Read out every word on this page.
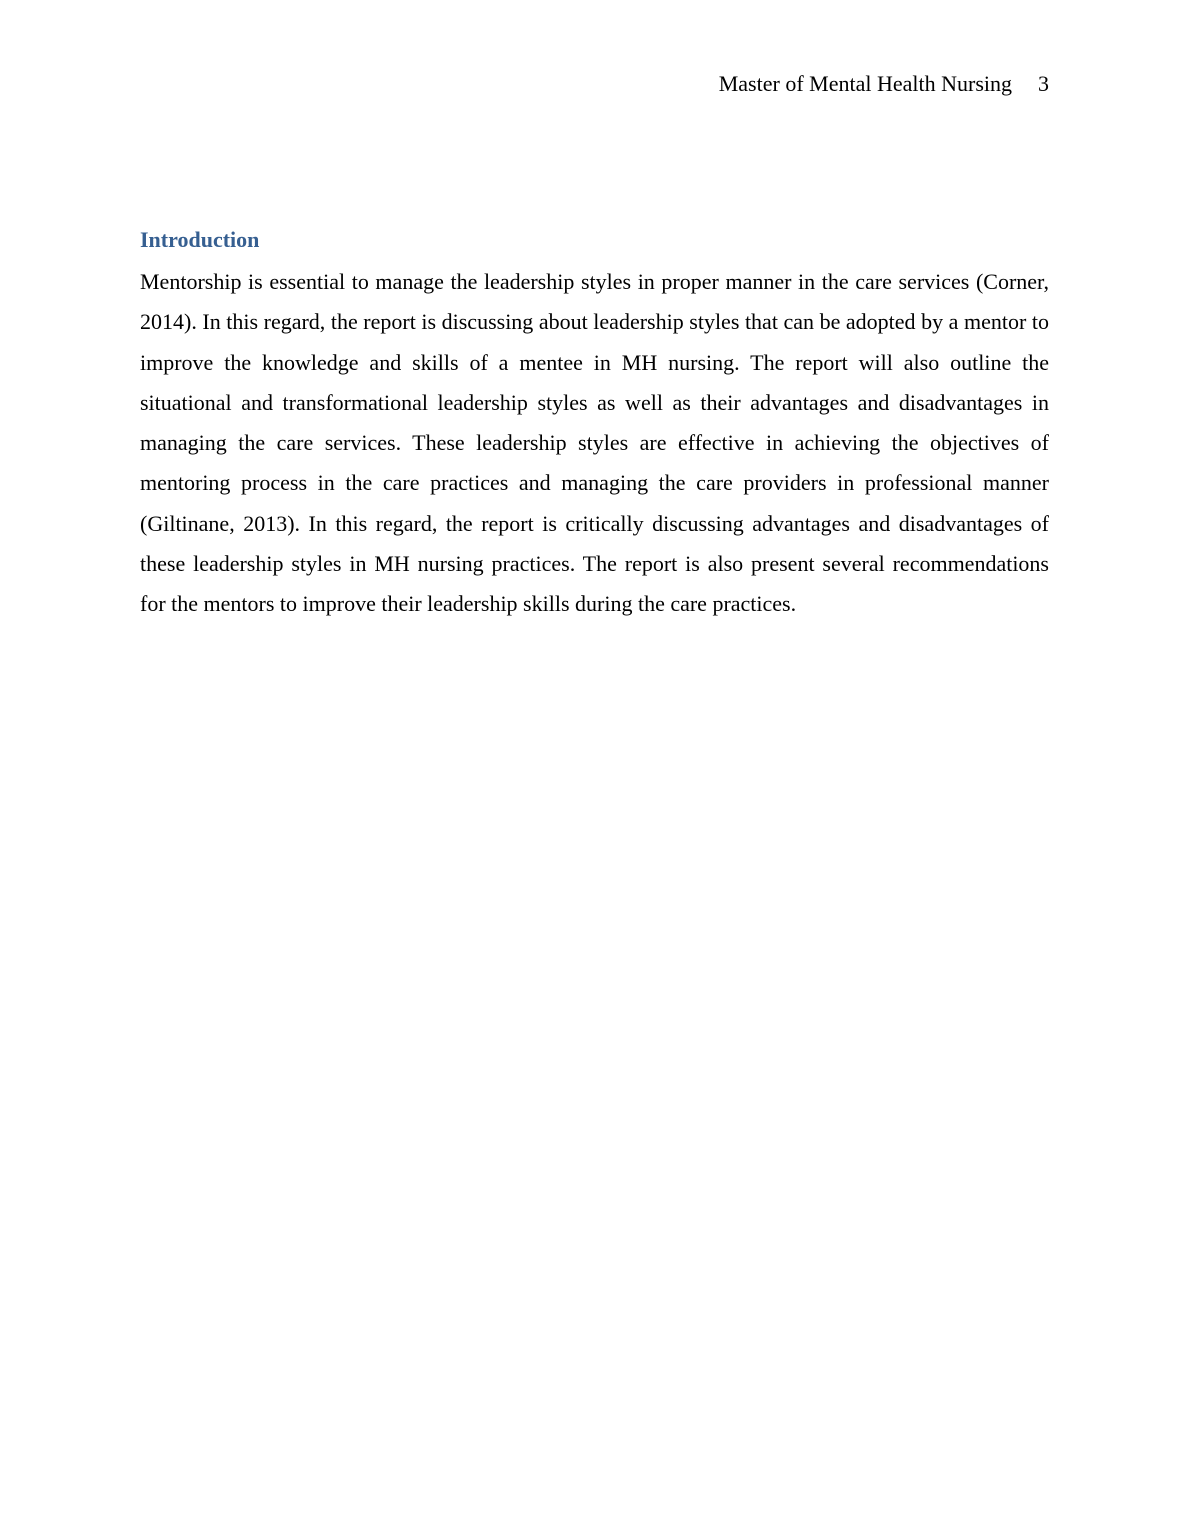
Master of Mental Health Nursing 3
Introduction

Mentorship is essential to manage the leadership styles in proper manner in the care services (Corner, 2014). In this regard, the report is discussing about leadership styles that can be adopted by a mentor to improve the knowledge and skills of a mentee in MH nursing. The report will also outline the situational and transformational leadership styles as well as their advantages and disadvantages in managing the care services. These leadership styles are effective in achieving the objectives of mentoring process in the care practices and managing the care providers in professional manner (Giltinane, 2013). In this regard, the report is critically discussing advantages and disadvantages of these leadership styles in MH nursing practices. The report is also present several recommendations for the mentors to improve their leadership skills during the care practices.
